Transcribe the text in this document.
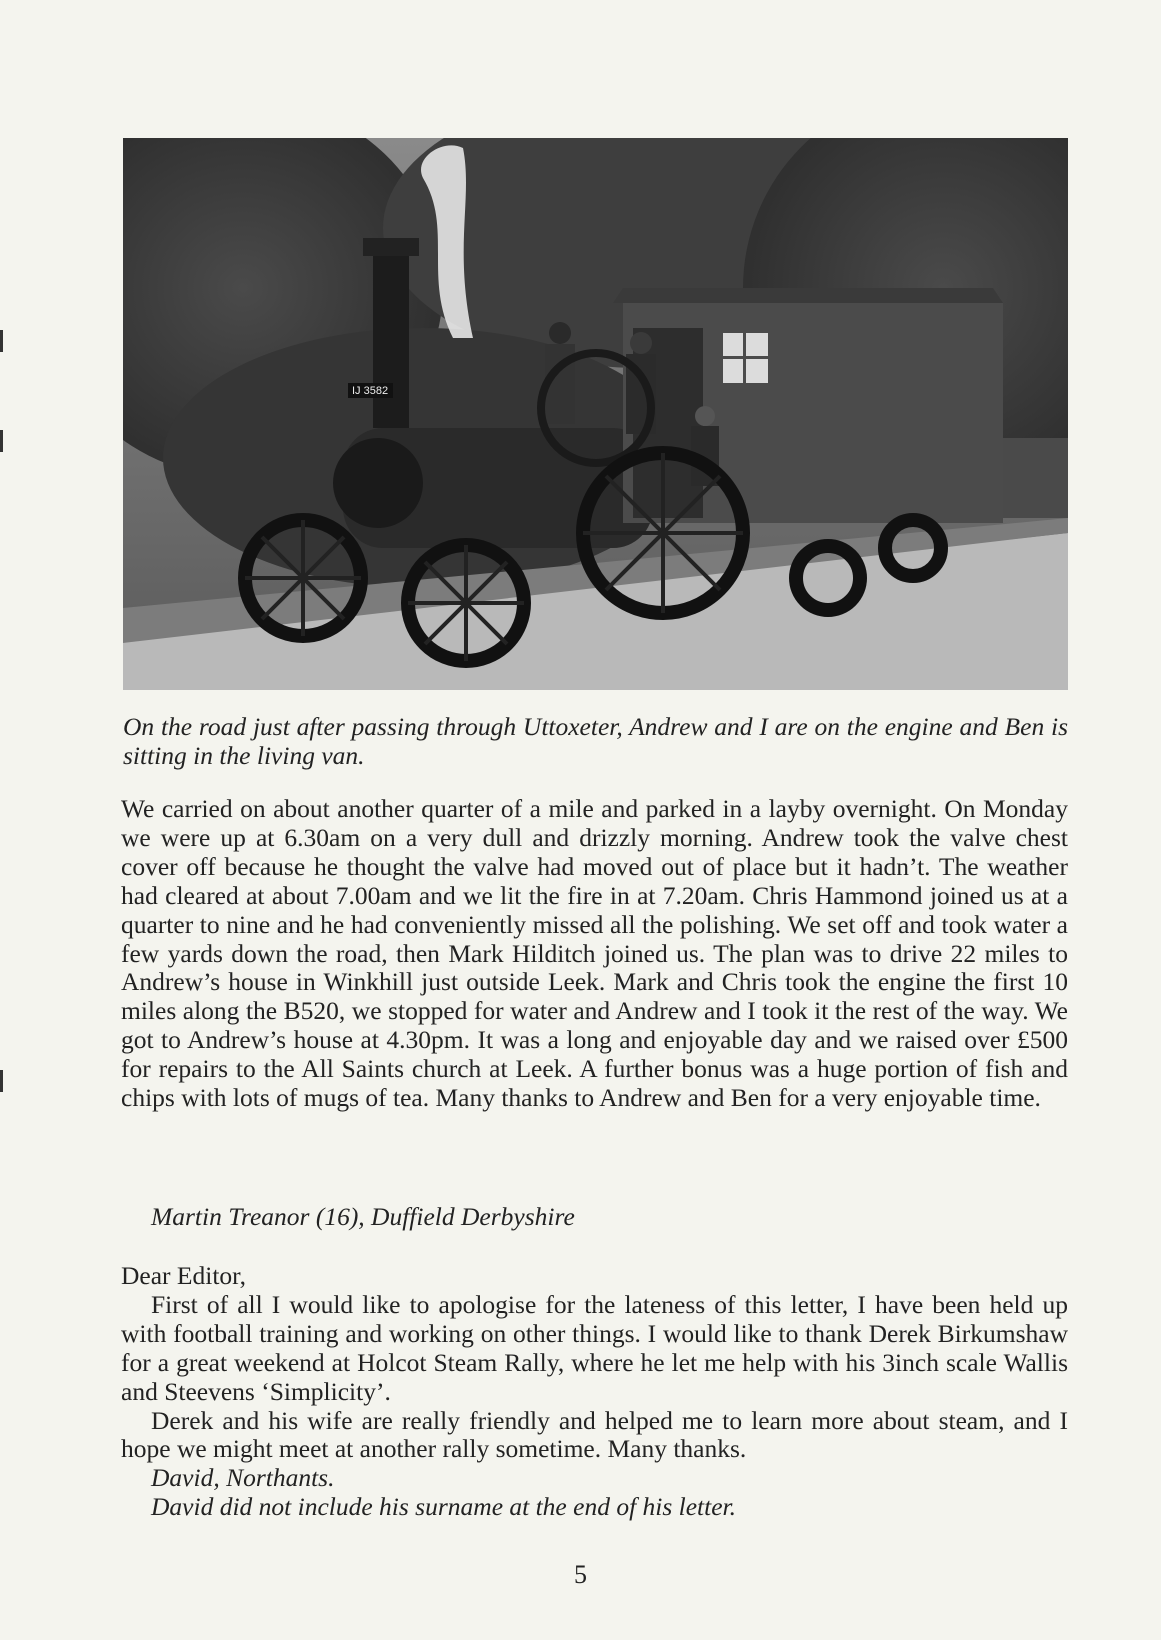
IJ 3582
On the road just after passing through Uttoxeter, Andrew and I are on the engine and Ben is sitting in the living van.
We carried on about another quarter of a mile and parked in a layby overnight. On Monday we were up at 6.30am on a very dull and drizzly morning. Andrew took the valve chest cover off because he thought the valve had moved out of place but it hadn’t. The weather had cleared at about 7.00am and we lit the fire in at 7.20am. Chris Hammond joined us at a quarter to nine and he had conveniently missed all the polishing. We set off and took water a few yards down the road, then Mark Hilditch joined us. The plan was to drive 22 miles to Andrew’s house in Winkhill just outside Leek. Mark and Chris took the engine the first 10 miles along the B520, we stopped for water and Andrew and I took it the rest of the way. We got to Andrew’s house at 4.30pm. It was a long and enjoyable day and we raised over £500 for repairs to the All Saints church at Leek. A further bonus was a huge portion of fish and chips with lots of mugs of tea. Many thanks to Andrew and Ben for a very enjoyable time.
Martin Treanor (16), Duffield Derbyshire

Dear Editor,

First of all I would like to apologise for the lateness of this letter, I have been held up with football training and working on other things. I would like to thank Derek Birkumshaw for a great weekend at Holcot Steam Rally, where he let me help with his 3inch scale Wallis and Steevens ‘Simplicity’.

Derek and his wife are really friendly and helped me to learn more about steam, and I hope we might meet at another rally sometime. Many thanks.

David, Northants.

David did not include his surname at the end of his letter.

5
